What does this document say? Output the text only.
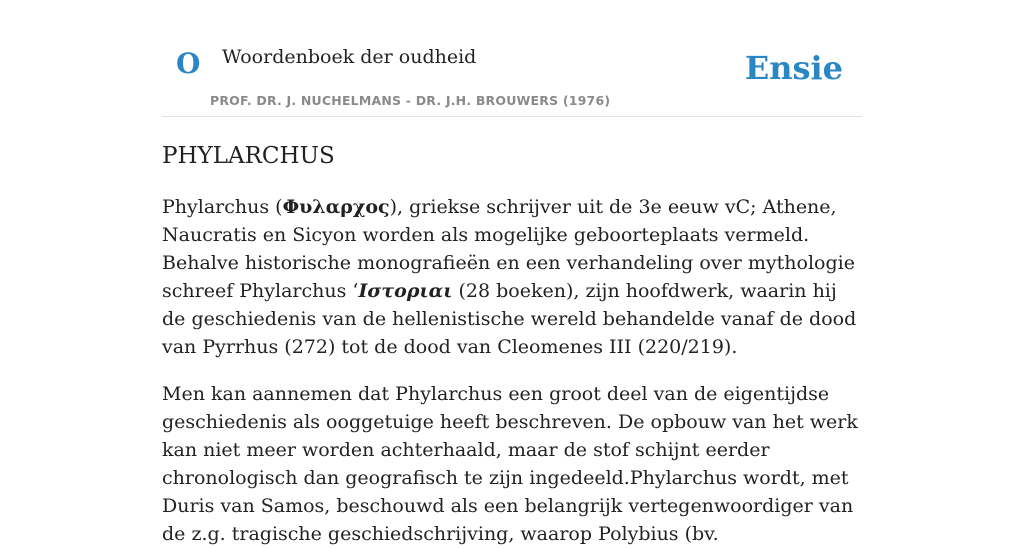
O Woordenboek der oudheid
PROF. DR. J. NUCHELMANS - DR. J.H. BROUWERS (1976)
Ensie
PHYLARCHUS

Phylarchus (Φυλαρχος), griekse schrijver uit de 3e eeuw vC; Athene, Naucratis en Sicyon worden als mogelijke geboorteplaats vermeld. Behalve historische monografieën en een verhandeling over mythologie schreef Phylarchus ‘Ιστοριαι (28 boeken), zijn hoofdwerk, waarin hij de geschiedenis van de hellenistische wereld behandelde vanaf de dood van Pyrrhus (272) tot de dood van Cleomenes III (220/219).

Men kan aannemen dat Phylarchus een groot deel van de eigentijdse geschiedenis als ooggetuige heeft beschreven. De opbouw van het werk kan niet meer worden achterhaald, maar de stof schijnt eerder chronologisch dan geografisch te zijn ingedeeld.Phylarchus wordt, met Duris van Samos, beschouwd als een belangrijk vertegenwoordiger van de z.g. tragische geschiedschrijving, waarop Polybius (bv.
